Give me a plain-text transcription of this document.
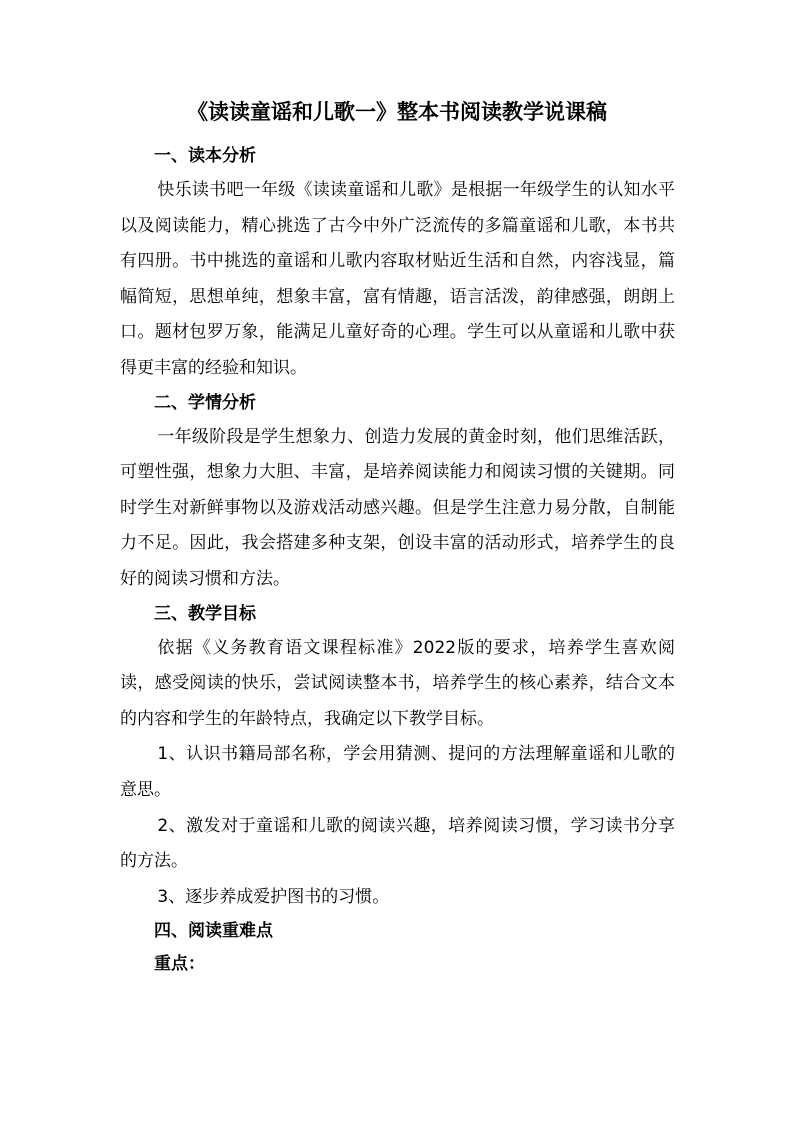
《读读童谣和儿歌一》整本书阅读教学说课稿
一、读本分析

快乐读书吧一年级《读读童谣和儿歌》是根据一年级学生的认知水平以及阅读能力，精心挑选了古今中外广泛流传的多篇童谣和儿歌，本书共有四册。书中挑选的童谣和儿歌内容取材贴近生活和自然，内容浅显，篇幅简短，思想单纯，想象丰富，富有情趣，语言活泼，韵律感强，朗朗上口。题材包罗万象，能满足儿童好奇的心理。学生可以从童谣和儿歌中获得更丰富的经验和知识。

二、学情分析

一年级阶段是学生想象力、创造力发展的黄金时刻，他们思维活跃，可塑性强，想象力大胆、丰富，是培养阅读能力和阅读习惯的关键期。同时学生对新鲜事物以及游戏活动感兴趣。但是学生注意力易分散，自制能力不足。因此，我会搭建多种支架，创设丰富的活动形式，培养学生的良好的阅读习惯和方法。

三、教学目标

依据《义务教育语文课程标准》2022版的要求，培养学生喜欢阅读，感受阅读的快乐，尝试阅读整本书，培养学生的核心素养，结合文本的内容和学生的年龄特点，我确定以下教学目标。

1、认识书籍局部名称，学会用猜测、提问的方法理解童谣和儿歌的意思。

2、激发对于童谣和儿歌的阅读兴趣，培养阅读习惯，学习读书分享的方法。

3、逐步养成爱护图书的习惯。

四、阅读重难点
重点：
